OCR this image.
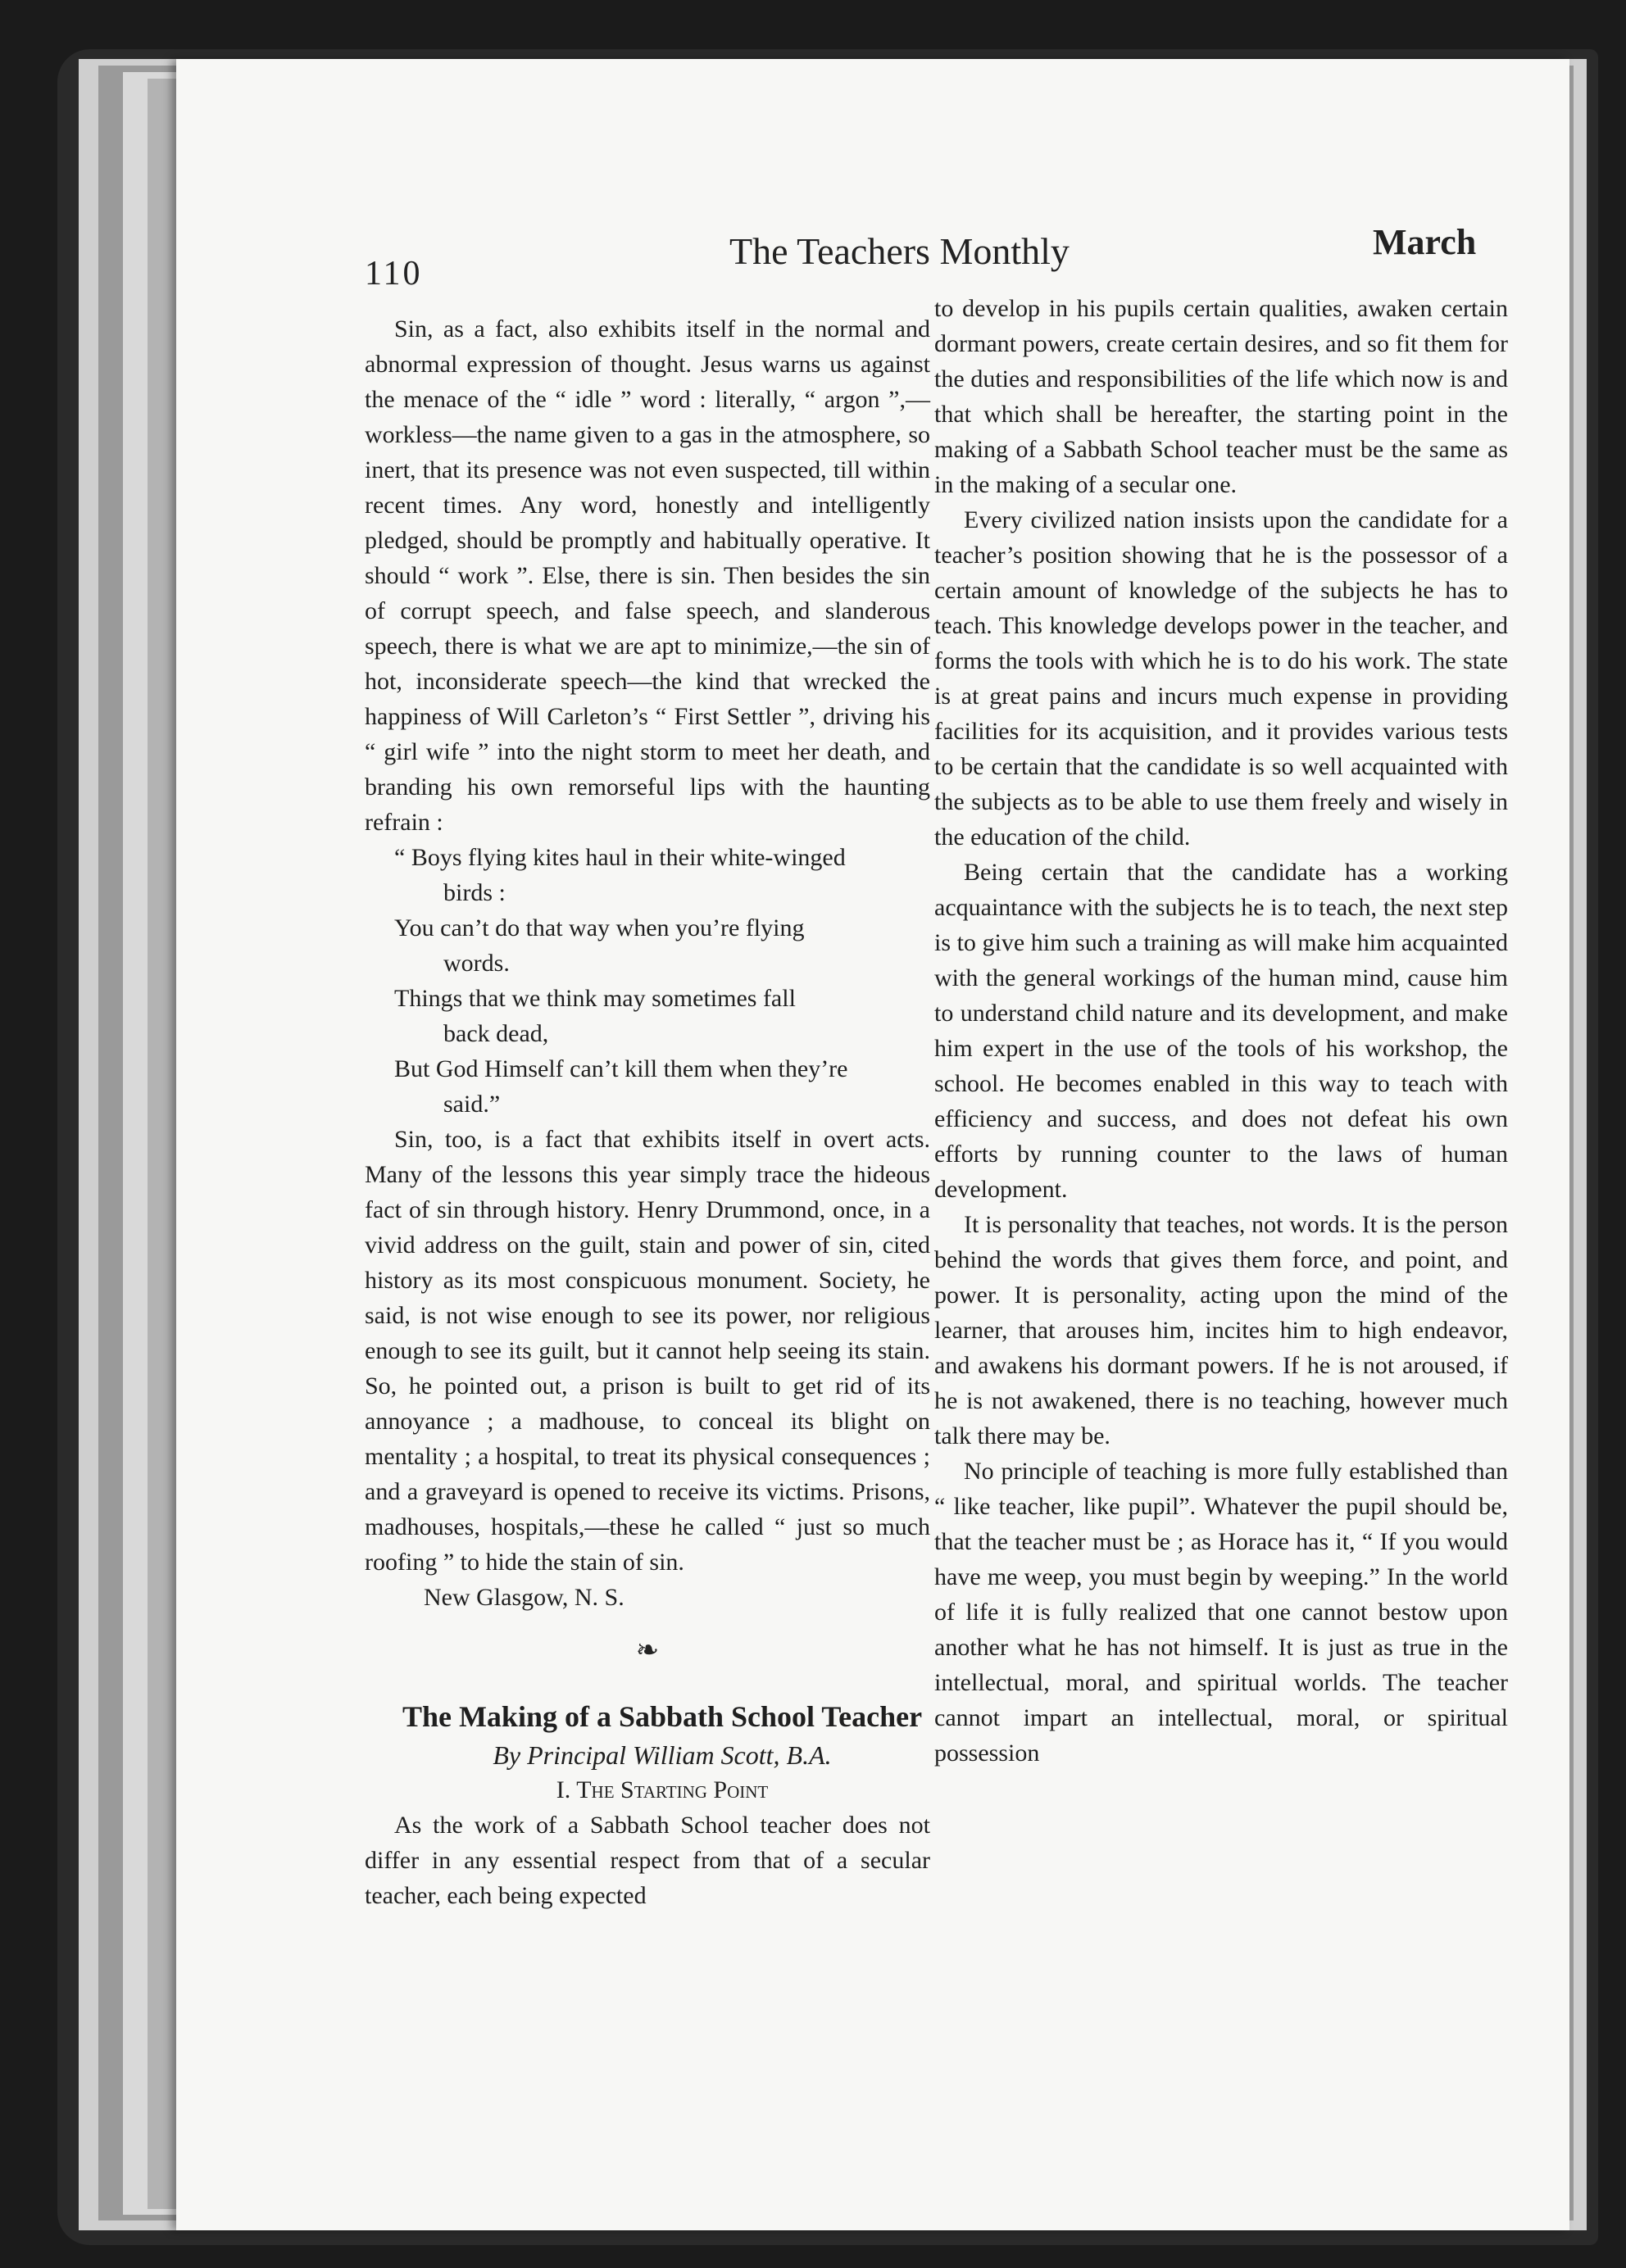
110
The Teachers Monthly	March

Sin, as a fact, also exhibits itself in the normal and abnormal expression of thought. Jesus warns us against the menace of the “ idle ” word : literally, “ argon ”,—workless—the name given to a gas in the atmosphere, so inert, that its presence was not even suspected, till within recent times. Any word, honestly and intelligently pledged, should be promptly and habitually operative. It should “ work ”. Else, there is sin. Then besides the sin of corrupt speech, and false speech, and slanderous speech, there is what we are apt to minimize,—the sin of hot, inconsiderate speech—the kind that wrecked the happiness of Will Carleton’s “ First Settler ”, driving his “ girl wife ” into the night storm to meet her death, and branding his own remorseful lips with the haunting refrain :

“ Boys flying kites haul in their white-winged
birds :
You can’t do that way when you’re flying
words.
Things that we think may sometimes fall
back dead,
But God Himself can’t kill them when they’re
said.”

Sin, too, is a fact that exhibits itself in overt acts. Many of the lessons this year simply trace the hideous fact of sin through history. Henry Drummond, once, in a vivid address on the guilt, stain and power of sin, cited history as its most conspicuous monument. Society, he said, is not wise enough to see its power, nor religious enough to see its guilt, but it cannot help seeing its stain. So, he pointed out, a prison is built to get rid of its annoyance ; a madhouse, to conceal its blight on mentality ; a hospital, to treat its physical consequences ; and a graveyard is opened to receive its victims. Prisons, madhouses, hospitals,—these he called “ just so much roofing ” to hide the stain of sin.

New Glasgow, N. S.

❧

The Making of a Sabbath School Teacher

By Principal William Scott, B.A.

I. The Starting Point

As the work of a Sabbath School teacher does not differ in any essential respect from that of a secular teacher, each being expected

to develop in his pupils certain qualities, awaken certain dormant powers, create certain desires, and so fit them for the duties and responsibilities of the life which now is and that which shall be hereafter, the starting point in the making of a Sabbath School teacher must be the same as in the making of a secular one.

Every civilized nation insists upon the candidate for a teacher’s position showing that he is the possessor of a certain amount of knowledge of the subjects he has to teach. This knowledge develops power in the teacher, and forms the tools with which he is to do his work. The state is at great pains and incurs much expense in providing facilities for its acquisition, and it provides various tests to be certain that the candidate is so well acquainted with the subjects as to be able to use them freely and wisely in the education of the child.

Being certain that the candidate has a working acquaintance with the subjects he is to teach, the next step is to give him such a training as will make him acquainted with the general workings of the human mind, cause him to understand child nature and its development, and make him expert in the use of the tools of his workshop, the school. He becomes enabled in this way to teach with efficiency and success, and does not defeat his own efforts by running counter to the laws of human development.

It is personality that teaches, not words. It is the person behind the words that gives them force, and point, and power. It is personality, acting upon the mind of the learner, that arouses him, incites him to high endeavor, and awakens his dormant powers. If he is not aroused, if he is not awakened, there is no teaching, however much talk there may be.

No principle of teaching is more fully established than “ like teacher, like pupil”. Whatever the pupil should be, that the teacher must be ; as Horace has it, “ If you would have me weep, you must begin by weeping.” In the world of life it is fully realized that one cannot bestow upon another what he has not himself. It is just as true in the intellectual, moral, and spiritual worlds. The teacher cannot impart an intellectual, moral, or spiritual possession
